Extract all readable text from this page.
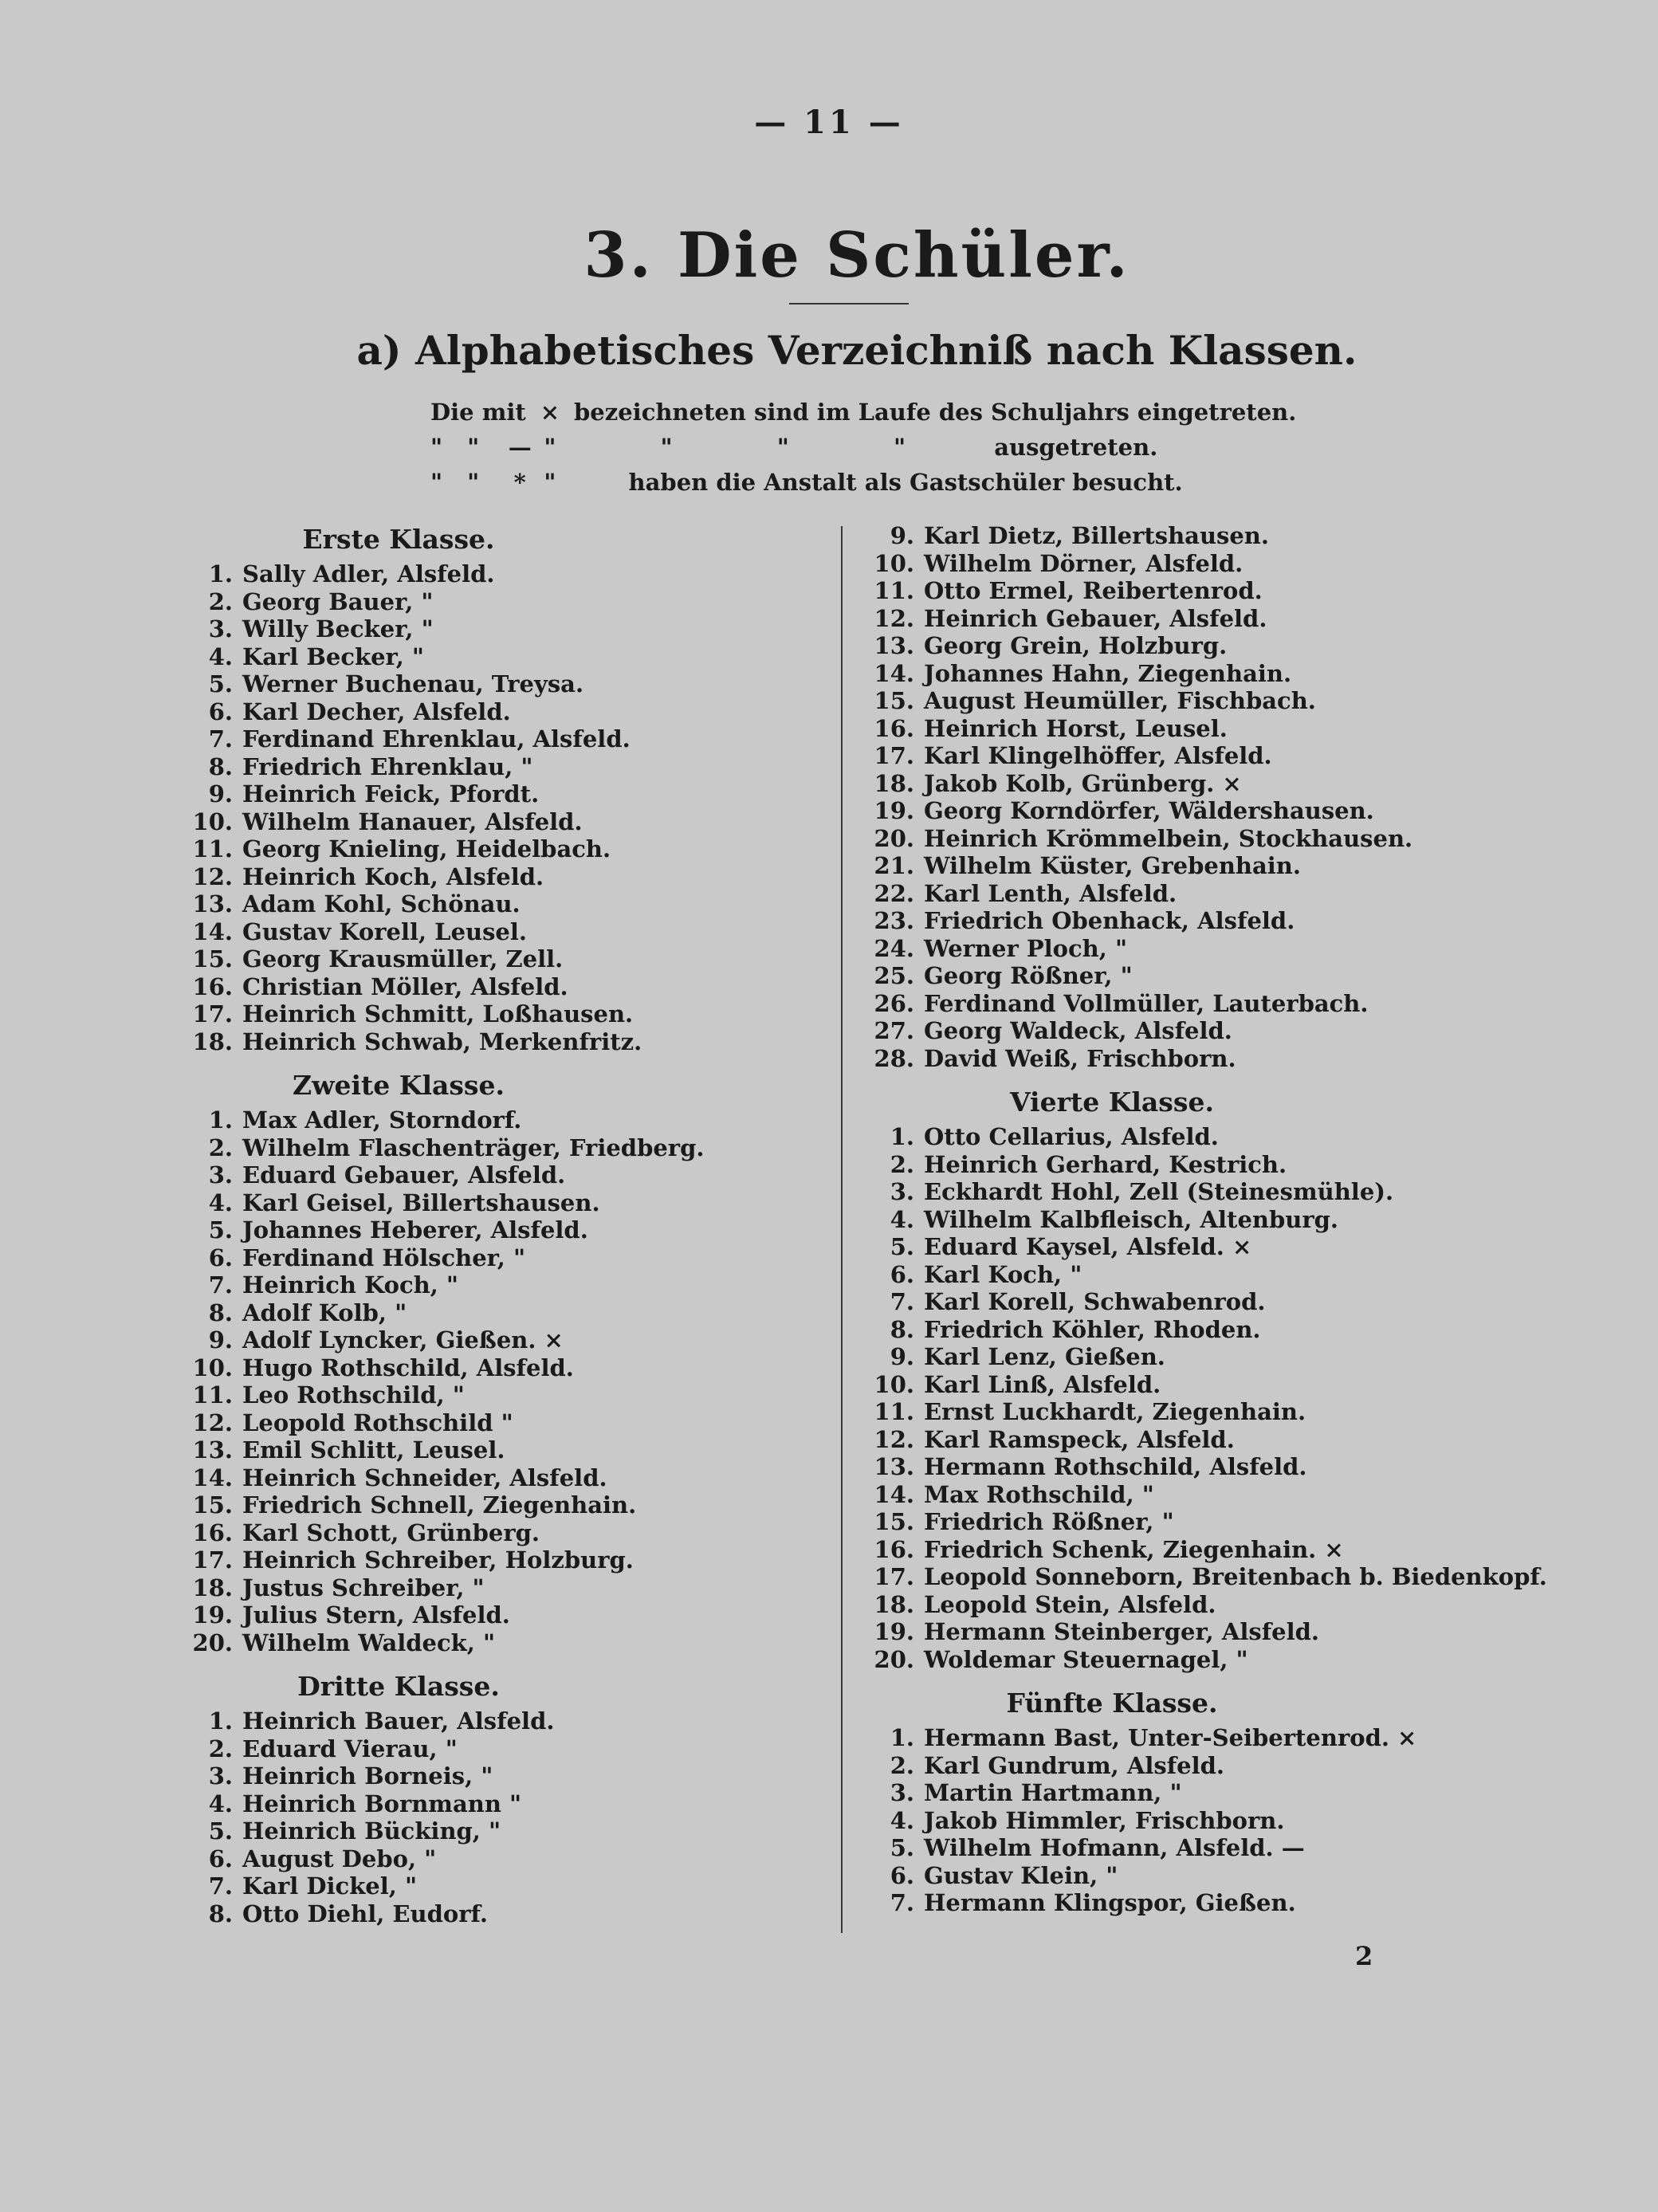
— 11 —
3. Die Schüler.
a) Alphabetisches Verzeichniß nach Klassen.
Die mit × bezeichneten sind im Laufe des Schuljahrs eingetreten.
" " — "	"	"	"	ausgetreten.
" " * "	haben die Anstalt als Gastschüler besucht.
Erste Klasse.
1. Sally Adler, Alsfeld.
2. Georg Bauer, "
3. Willy Becker, "
4. Karl Becker, "
5. Werner Buchenau, Treysa.
6. Karl Decher, Alsfeld.
7. Ferdinand Ehrenklau, Alsfeld.
8. Friedrich Ehrenklau, "
9. Heinrich Feick, Pfordt.
10. Wilhelm Hanauer, Alsfeld.
11. Georg Knieling, Heidelbach.
12. Heinrich Koch, Alsfeld.
13. Adam Kohl, Schönau.
14. Gustav Korell, Leusel.
15. Georg Krausmüller, Zell.
16. Christian Möller, Alsfeld.
17. Heinrich Schmitt, Loßhausen.
18. Heinrich Schwab, Merkenfritz.
Zweite Klasse.
1. Max Adler, Storndorf.
2. Wilhelm Flaschenträger, Friedberg.
3. Eduard Gebauer, Alsfeld.
4. Karl Geisel, Billertshausen.
5. Johannes Heberer, Alsfeld.
6. Ferdinand Hölscher, "
7. Heinrich Koch, "
8. Adolf Kolb, "
9. Adolf Lyncker, Gießen. ×
10. Hugo Rothschild, Alsfeld.
11. Leo Rothschild, "
12. Leopold Rothschild "
13. Emil Schlitt, Leusel.
14. Heinrich Schneider, Alsfeld.
15. Friedrich Schnell, Ziegenhain.
16. Karl Schott, Grünberg.
17. Heinrich Schreiber, Holzburg.
18. Justus Schreiber, "
19. Julius Stern, Alsfeld.
20. Wilhelm Waldeck, "
Dritte Klasse.
1. Heinrich Bauer, Alsfeld.
2. Eduard Vierau, "
3. Heinrich Borneis, "
4. Heinrich Bornmann "
5. Heinrich Bücking, "
6. August Debo, "
7. Karl Dickel, "
8. Otto Diehl, Eudorf.
9. Karl Dietz, Billertshausen.
10. Wilhelm Dörner, Alsfeld.
11. Otto Ermel, Reibertenrod.
12. Heinrich Gebauer, Alsfeld.
13. Georg Grein, Holzburg.
14. Johannes Hahn, Ziegenhain.
15. August Heumüller, Fischbach.
16. Heinrich Horst, Leusel.
17. Karl Klingelhöffer, Alsfeld.
18. Jakob Kolb, Grünberg. ×
19. Georg Korndörfer, Wäldershausen.
20. Heinrich Krömmelbein, Stockhausen.
21. Wilhelm Küster, Grebenhain.
22. Karl Lenth, Alsfeld.
23. Friedrich Obenhack, Alsfeld.
24. Werner Ploch, "
25. Georg Rößner, "
26. Ferdinand Vollmüller, Lauterbach.
27. Georg Waldeck, Alsfeld.
28. David Weiß, Frischborn.
Vierte Klasse.
1. Otto Cellarius, Alsfeld.
2. Heinrich Gerhard, Kestrich.
3. Eckhardt Hohl, Zell (Steinesmühle).
4. Wilhelm Kalbfleisch, Altenburg.
5. Eduard Kaysel, Alsfeld. ×
6. Karl Koch, "
7. Karl Korell, Schwabenrod.
8. Friedrich Köhler, Rhoden.
9. Karl Lenz, Gießen.
10. Karl Linß, Alsfeld.
11. Ernst Luckhardt, Ziegenhain.
12. Karl Ramspeck, Alsfeld.
13. Hermann Rothschild, Alsfeld.
14. Max Rothschild, "
15. Friedrich Rößner, "
16. Friedrich Schenk, Ziegenhain. ×
17. Leopold Sonneborn, Breitenbach b. Biedenkopf.
18. Leopold Stein, Alsfeld.
19. Hermann Steinberger, Alsfeld.
20. Woldemar Steuernagel, "
Fünfte Klasse.
1. Hermann Bast, Unter-Seibertenrod. ×
2. Karl Gundrum, Alsfeld.
3. Martin Hartmann, "
4. Jakob Himmler, Frischborn.
5. Wilhelm Hofmann, Alsfeld. —
6. Gustav Klein, "
7. Hermann Klingspor, Gießen.
2
